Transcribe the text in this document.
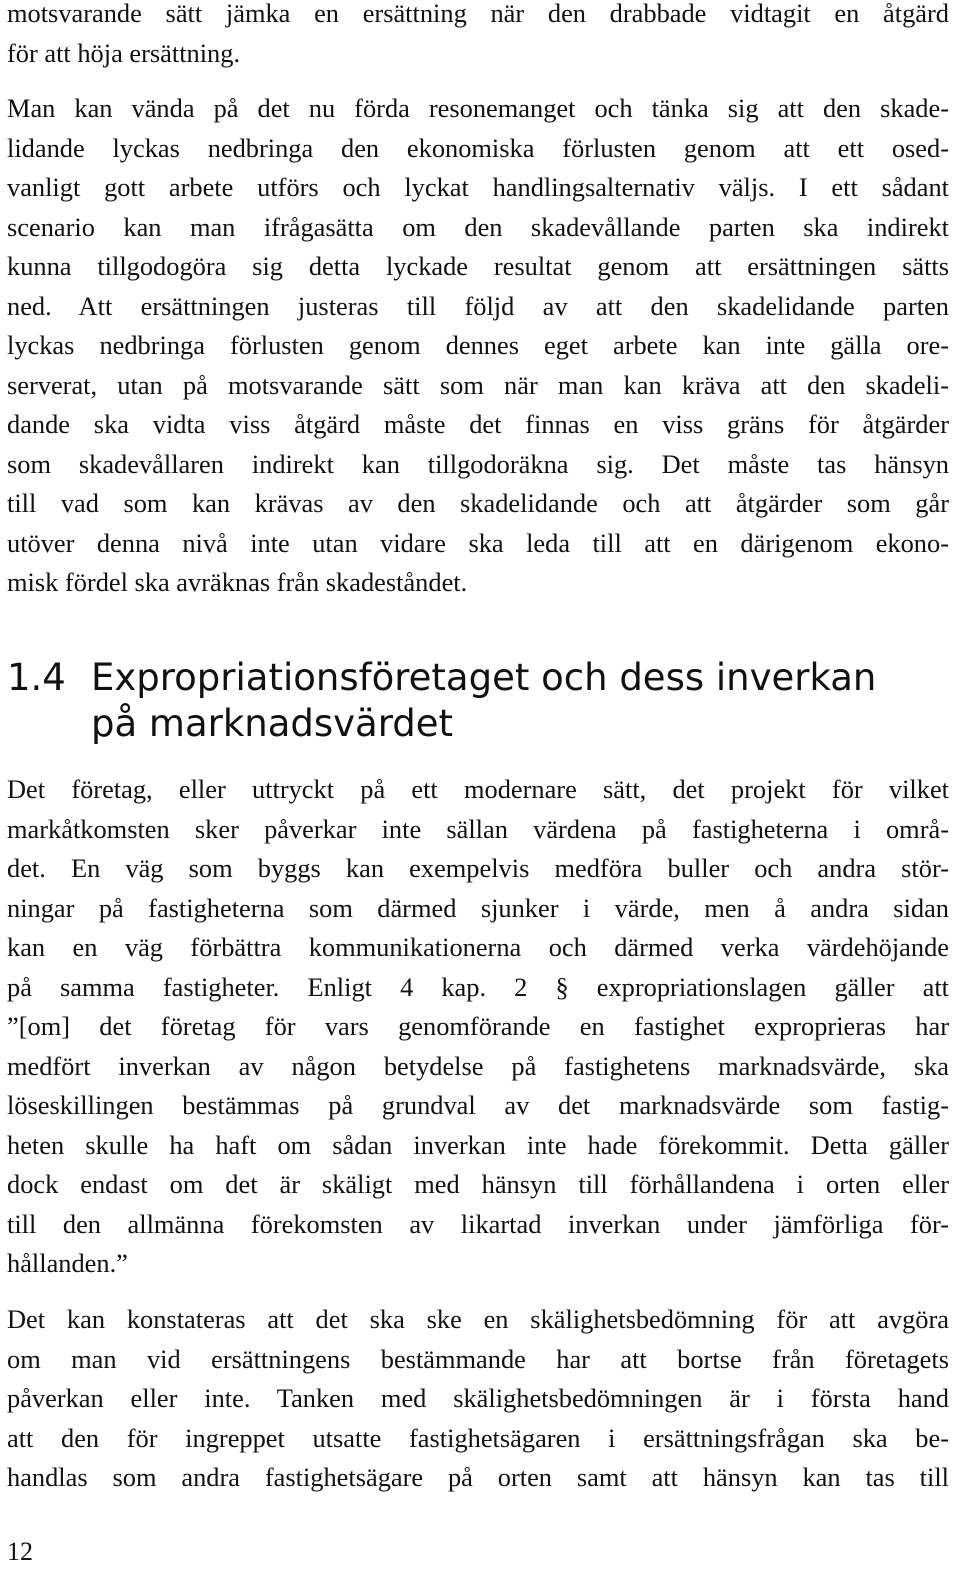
motsvarande sätt jämka en ersättning när den drabbade vidtagit en åtgärd
för att höja ersättning.

Man kan vända på det nu förda resonemanget och tänka sig att den skade-
lidande lyckas nedbringa den ekonomiska förlusten genom att ett osed-
vanligt gott arbete utförs och lyckat handlingsalternativ väljs. I ett sådant
scenario kan man ifrågasätta om den skadevållande parten ska indirekt
kunna tillgodogöra sig detta lyckade resultat genom att ersättningen sätts
ned. Att ersättningen justeras till följd av att den skadelidande parten
lyckas nedbringa förlusten genom dennes eget arbete kan inte gälla ore-
serverat, utan på motsvarande sätt som när man kan kräva att den skadeli-
dande ska vidta viss åtgärd måste det finnas en viss gräns för åtgärder
som skadevållaren indirekt kan tillgodoräkna sig. Det måste tas hänsyn
till vad som kan krävas av den skadelidande och att åtgärder som går
utöver denna nivå inte utan vidare ska leda till att en därigenom ekono-
misk fördel ska avräknas från skadeståndet.

1.4 Expropriationsföretaget och dess inverkan
på marknadsvärdet

Det företag, eller uttryckt på ett modernare sätt, det projekt för vilket
markåtkomsten sker påverkar inte sällan värdena på fastigheterna i områ-
det. En väg som byggs kan exempelvis medföra buller och andra stör-
ningar på fastigheterna som därmed sjunker i värde, men å andra sidan
kan en väg förbättra kommunikationerna och därmed verka värdehöjande
på samma fastigheter. Enligt 4 kap. 2 § expropriationslagen gäller att
”[om] det företag för vars genomförande en fastighet exproprieras har
medfört inverkan av någon betydelse på fastighetens marknadsvärde, ska
löseskillingen bestämmas på grundval av det marknadsvärde som fastig-
heten skulle ha haft om sådan inverkan inte hade förekommit. Detta gäller
dock endast om det är skäligt med hänsyn till förhållandena i orten eller
till den allmänna förekomsten av likartad inverkan under jämförliga för-
hållanden.”

Det kan konstateras att det ska ske en skälighetsbedömning för att avgöra
om man vid ersättningens bestämmande har att bortse från företagets
påverkan eller inte. Tanken med skälighetsbedömningen är i första hand
att den för ingreppet utsatte fastighetsägaren i ersättningsfrågan ska be-
handlas som andra fastighetsägare på orten samt att hänsyn kan tas till

12
